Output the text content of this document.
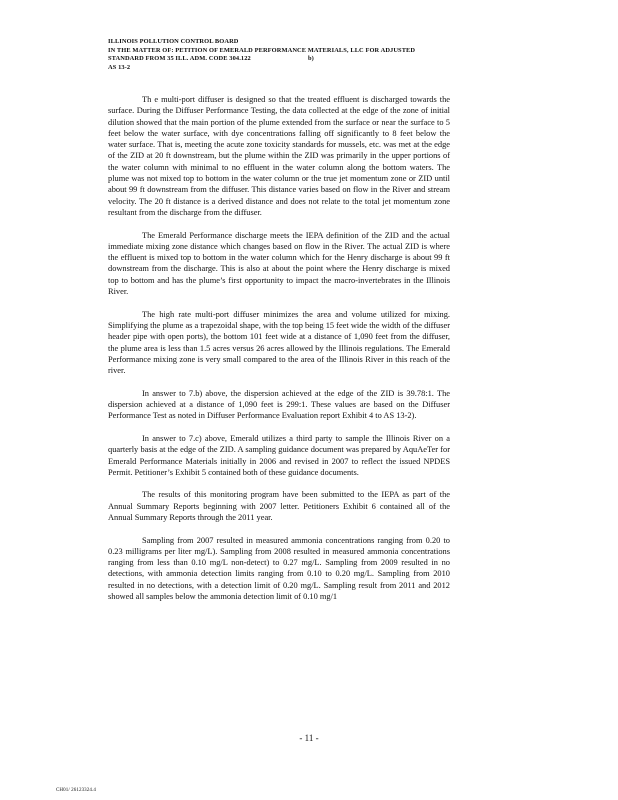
ILLINOIS POLLUTION CONTROL BOARD
IN THE MATTER OF: PETITION OF EMERALD PERFORMANCE MATERIALS, LLC FOR ADJUSTED
STANDARD FROM 35 ILL. ADM. CODE 304.122	b)
AS 13-2

Th e multi-port diffuser is designed so that the treated effluent is discharged towards the surface. During the Diffuser Performance Testing, the data collected at the edge of the zone of initial dilution showed that the main portion of the plume extended from the surface or near the surface to 5 feet below the water surface, with dye concentrations falling off significantly to 8 feet below the water surface. That is, meeting the acute zone toxicity standards for mussels, etc. was met at the edge of the ZID at 20 ft downstream, but the plume within the ZID was primarily in the upper portions of the water column with minimal to no effluent in the water column along the bottom waters. The plume was not mixed top to bottom in the water column or the true jet momentum zone or ZID until about 99 ft downstream from the diffuser. This distance varies based on flow in the River and stream velocity. The 20 ft distance is a derived distance and does not relate to the total jet momentum zone resultant from the discharge from the diffuser.

The Emerald Performance discharge meets the IEPA definition of the ZID and the actual immediate mixing zone distance which changes based on flow in the River. The actual ZID is where the effluent is mixed top to bottom in the water column which for the Henry discharge is about 99 ft downstream from the discharge. This is also at about the point where the Henry discharge is mixed top to bottom and has the plume’s first opportunity to impact the macro-invertebrates in the Illinois River.

The high rate multi-port diffuser minimizes the area and volume utilized for mixing. Simplifying the plume as a trapezoidal shape, with the top being 15 feet wide the width of the diffuser header pipe with open ports), the bottom 101 feet wide at a distance of 1,090 feet from the diffuser, the plume area is less than 1.5 acres versus 26 acres allowed by the Illinois regulations. The Emerald Performance mixing zone is very small compared to the area of the Illinois River in this reach of the river.

In answer to 7.b) above, the dispersion achieved at the edge of the ZID is 39.78:1. The dispersion achieved at a distance of 1,090 feet is 299:1. These values are based on the Diffuser Performance Test as noted in Diffuser Performance Evaluation report Exhibit 4 to AS 13-2).

In answer to 7.c) above, Emerald utilizes a third party to sample the Illinois River on a quarterly basis at the edge of the ZID. A sampling guidance document was prepared by AquAeTer for Emerald Performance Materials initially in 2006 and revised in 2007 to reflect the issued NPDES Permit. Petitioner’s Exhibit 5 contained both of these guidance documents.

The results of this monitoring program have been submitted to the IEPA as part of the Annual Summary Reports beginning with 2007 letter. Petitioners Exhibit 6 contained all of the Annual Summary Reports through the 2011 year.

Sampling from 2007 resulted in measured ammonia concentrations ranging from 0.20 to 0.23 milligrams per liter mg/L). Sampling from 2008 resulted in measured ammonia concentrations ranging from less than 0.10 mg/L non-detect) to 0.27 mg/L. Sampling from 2009 resulted in no detections, with ammonia detection limits ranging from 0.10 to 0.20 mg/L. Sampling from 2010 resulted in no detections, with a detection limit of 0.20 mg/L. Sampling result from 2011 and 2012 showed all samples below the ammonia detection limit of 0.10 mg/1

- 11 -
CH01/ 26123324.4
